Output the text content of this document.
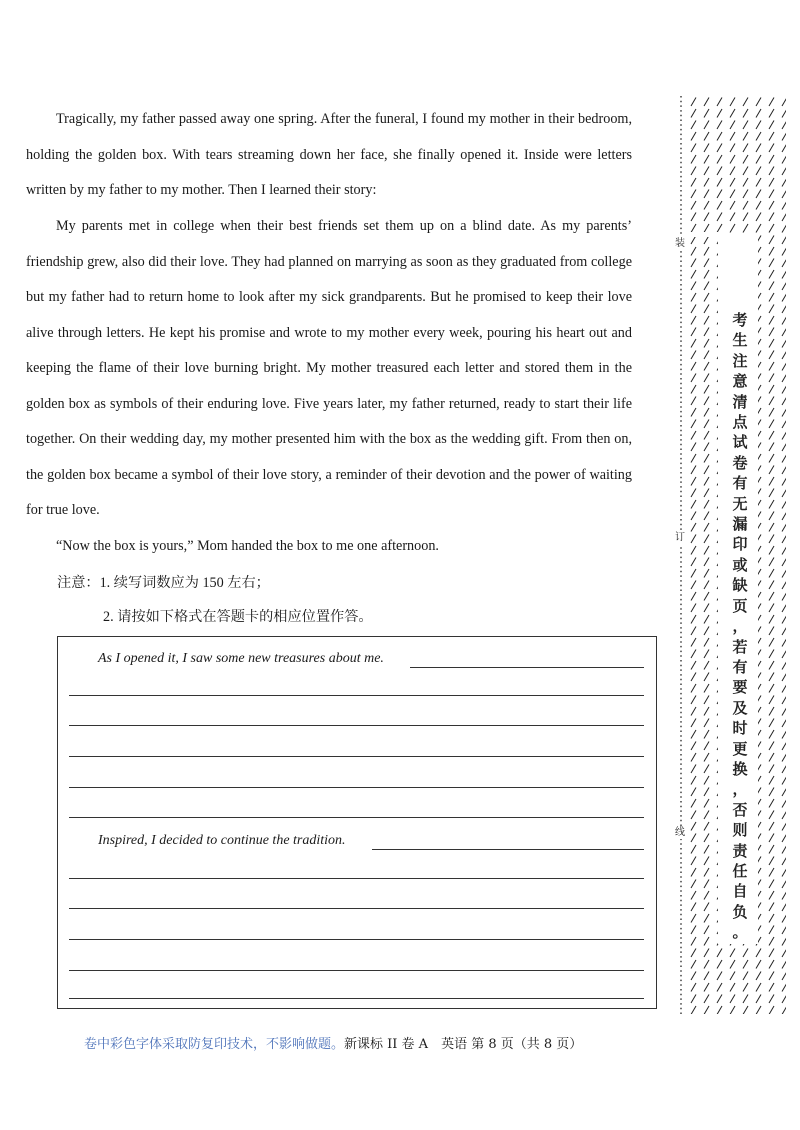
Tragically, my father passed away one spring. After the funeral, I found my mother in their bedroom, holding the golden box. With tears streaming down her face, she finally opened it. Inside were letters written by my father to my mother. Then I learned their story:

My parents met in college when their best friends set them up on a blind date. As my parents’ friendship grew, also did their love. They had planned on marrying as soon as they graduated from college but my father had to return home to look after my sick grandparents. But he promised to keep their love alive through letters. He kept his promise and wrote to my mother every week, pouring his heart out and keeping the flame of their love burning bright. My mother treasured each letter and stored them in the golden box as symbols of their enduring love. Five years later, my father returned, ready to start their life together. On their wedding day, my mother presented him with the box as the wedding gift. From then on, the golden box became a symbol of their love story, a reminder of their devotion and the power of waiting for true love.

“Now the box is yours,” Mom handed the box to me one afternoon.

注意：1. 续写词数应为 150 左右；
2. 请按如下格式在答题卡的相应位置作答。
As I opened it, I saw some new treasures about me.
Inspired, I decided to continue the tradition.
卷中彩色字体采取防复印技术，不影响做题。新课标 II 卷 A　英语 第 8 页（共 8 页）
装
订
线
考
生
注
意
清
点
试
卷
有
无
漏
印
或
缺
页
，
若
有
要
及
时
更
换
，
否
则
责
任
自
负
。
